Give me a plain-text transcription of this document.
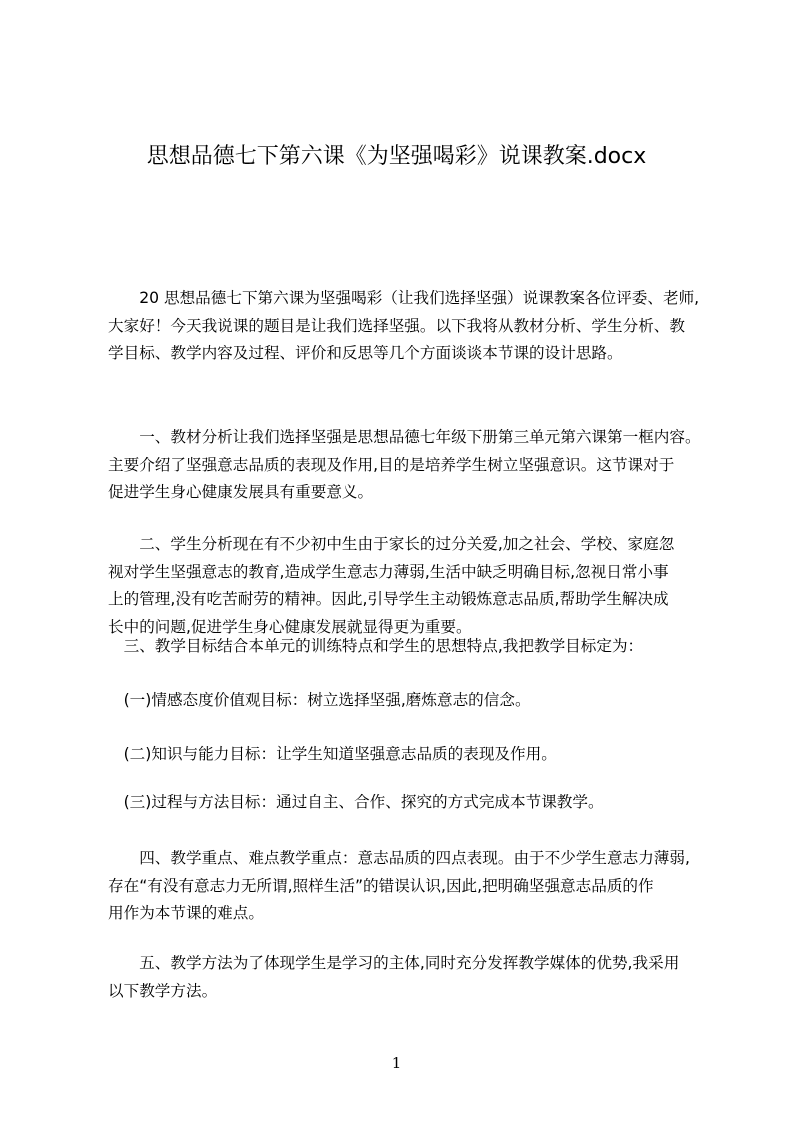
思想品德七下第六课《为坚强喝彩》说课教案.docx
　　20 思想品德七下第六课为坚强喝彩（让我们选择坚强）说课教案各位评委、老师,
大家好！今天我说课的题目是让我们选择坚强。以下我将从教材分析、学生分析、教
学目标、教学内容及过程、评价和反思等几个方面谈谈本节课的设计思路。
　　一、教材分析让我们选择坚强是思想品德七年级下册第三单元第六课第一框内容。
主要介绍了坚强意志品质的表现及作用,目的是培养学生树立坚强意识。这节课对于
促进学生身心健康发展具有重要意义。
　　二、学生分析现在有不少初中生由于家长的过分关爱,加之社会、学校、家庭忽
视对学生坚强意志的教育,造成学生意志力薄弱,生活中缺乏明确目标,忽视日常小事
上的管理,没有吃苦耐劳的精神。因此,引导学生主动锻炼意志品质,帮助学生解决成
长中的问题,促进学生身心健康发展就显得更为重要。
　三、教学目标结合本单元的训练特点和学生的思想特点,我把教学目标定为：
　(一)情感态度价值观目标：树立选择坚强,磨炼意志的信念。
　(二)知识与能力目标：让学生知道坚强意志品质的表现及作用。
　(三)过程与方法目标：通过自主、合作、探究的方式完成本节课教学。
　　四、教学重点、难点教学重点：意志品质的四点表现。由于不少学生意志力薄弱,
存在“有没有意志力无所谓,照样生活”的错误认识,因此,把明确坚强意志品质的作
用作为本节课的难点。
　　五、教学方法为了体现学生是学习的主体,同时充分发挥教学媒体的优势,我采用
以下教学方法。
1
